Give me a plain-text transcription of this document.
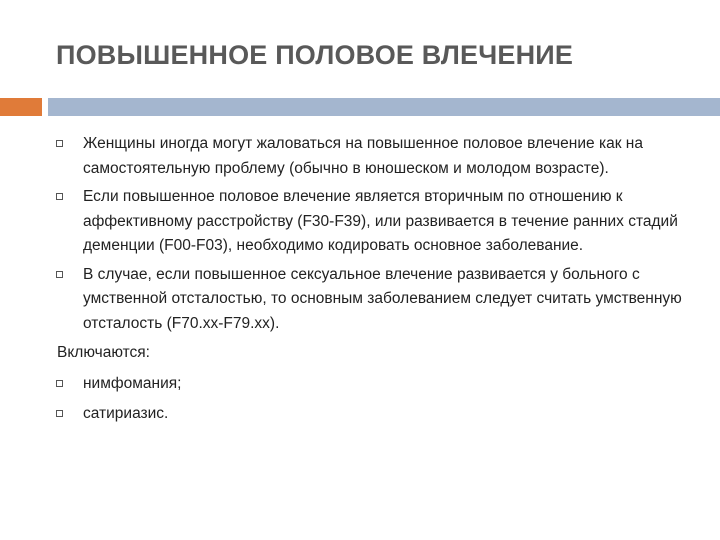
ПОВЫШЕННОЕ ПОЛОВОЕ ВЛЕЧЕНИЕ
Женщины иногда могут жаловаться на повышенное половое влечение как на самостоятельную проблему (обычно в юношеском и молодом возрасте).
Если повышенное половое влечение является вторичным по отношению к аффективному расстройству (F30-F39), или развивается в течение ранних стадий деменции (F00-F03), необходимо кодировать основное заболевание.
В случае, если повышенное сексуальное влечение развивается у больного с умственной отсталостью, то основным заболеванием следует считать умственную отсталость (F70.xx-F79.xx).
Включаются:
нимфомания;
сатириазис.
